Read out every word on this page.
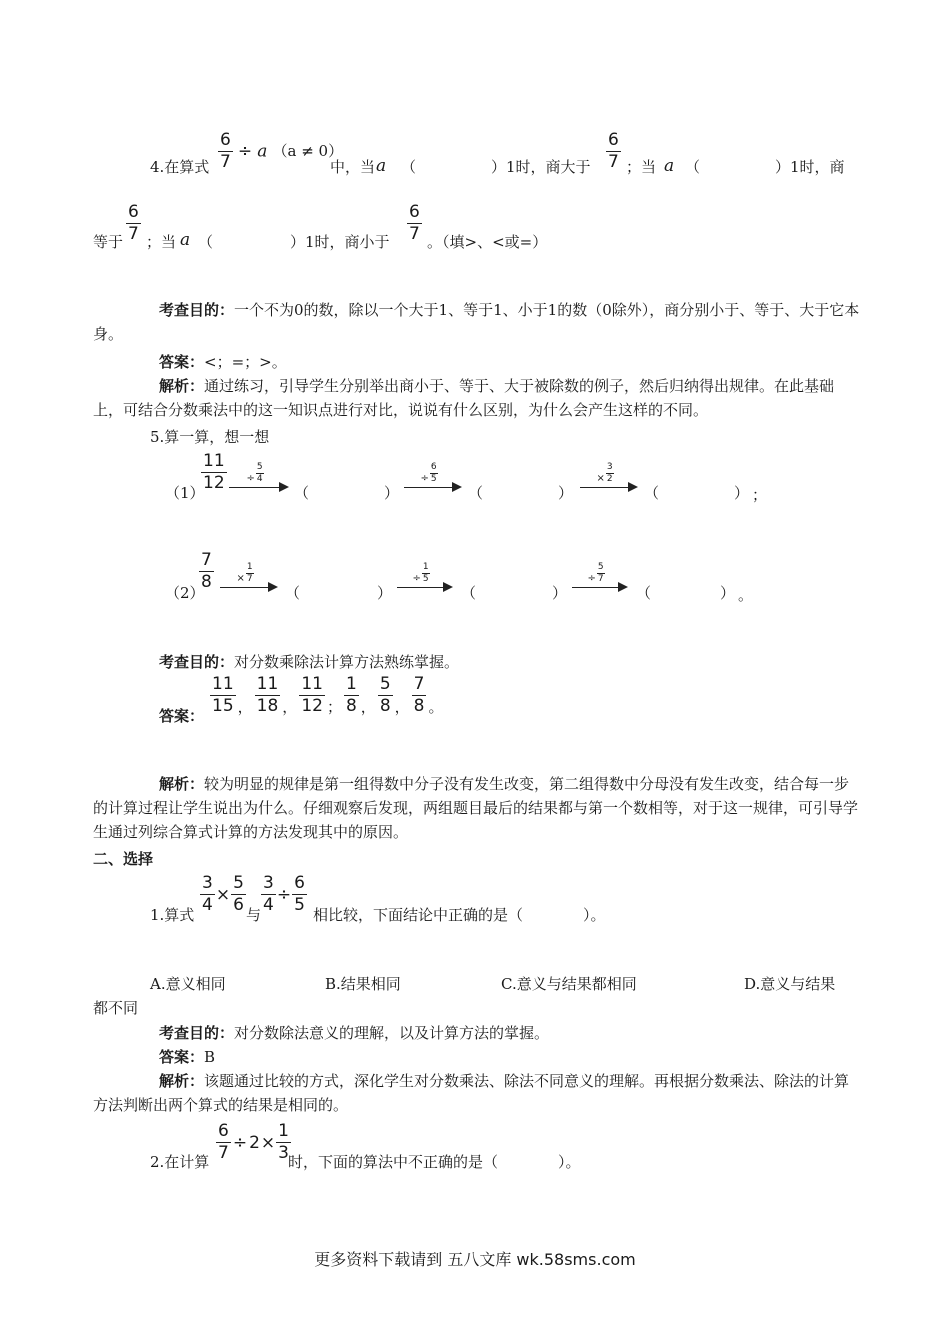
4.在算式 $\frac{6}{7} \div a$ （a ≠ 0）
中，当 a （	）1时，商大于 $\frac{6}{7}$ ；当 a （	）1时，商
等于 $\frac{6}{7}$ ；当 a （	）1时，商小于 $\frac{6}{7}$ 。（填>、<或=）
考查目的：一个不为0的数，除以一个大于1、等于1、小于1的数（0除外），商分别小于、等于、大于它本身。
答案：<；=；>。
解析：通过练习，引导学生分别举出商小于、等于、大于被除数的例子，然后归纳得出规律。在此基础上，可结合分数乘法中的这一知识点进行对比，说说有什么区别，为什么会产生这样的不同。
5.算一算，想一想
（1）
$\frac{11}{12} \div \frac{5}{4}$
（	）
÷ $\frac{6}{5}$
（	）
× $\frac{3}{2}$
（	） ；
（2）
$\frac{7}{8} \times \frac{1}{7}$
（	）
÷ $\frac{1}{5}$
（	）
÷ $\frac{5}{7}$
（	） 。
考查目的：对分数乘除法计算方法熟练掌握。
答案：
$\frac{11}{15}$ ， $\frac{11}{18}$ ， $\frac{11}{12}$ ； $\frac{1}{8}$ ， $\frac{5}{8}$ ， $\frac{7}{8}$ 。
解析：较为明显的规律是第一组得数中分子没有发生改变，第二组得数中分母没有发生改变，结合每一步的计算过程让学生说出为什么。仔细观察后发现，两组题目最后的结果都与第一个数相等，对于这一规律，可引导学生通过列综合算式计算的方法发现其中的原因。
二、选择
1.算式
$\frac{3}{4} \times \frac{5}{6}$
与
$\frac{3}{4} \div \frac{6}{5}$
相比较，下面结论中正确的是（　　　　）。
A.意义相同	B.结果相同	C.意义与结果都相同	D.意义与结果
都不同
考查目的：对分数除法意义的理解，以及计算方法的掌握。
答案：B
解析：该题通过比较的方式，深化学生对分数乘法、除法不同意义的理解。再根据分数乘法、除法的计算方法判断出两个算式的结果是相同的。
2.在计算 $\frac{6}{7} \div 2 \times \frac{1}{3}$
时，下面的算法中不正确的是（　　　　）。
更多资料下载请到 五八文库 wk.58sms.com
